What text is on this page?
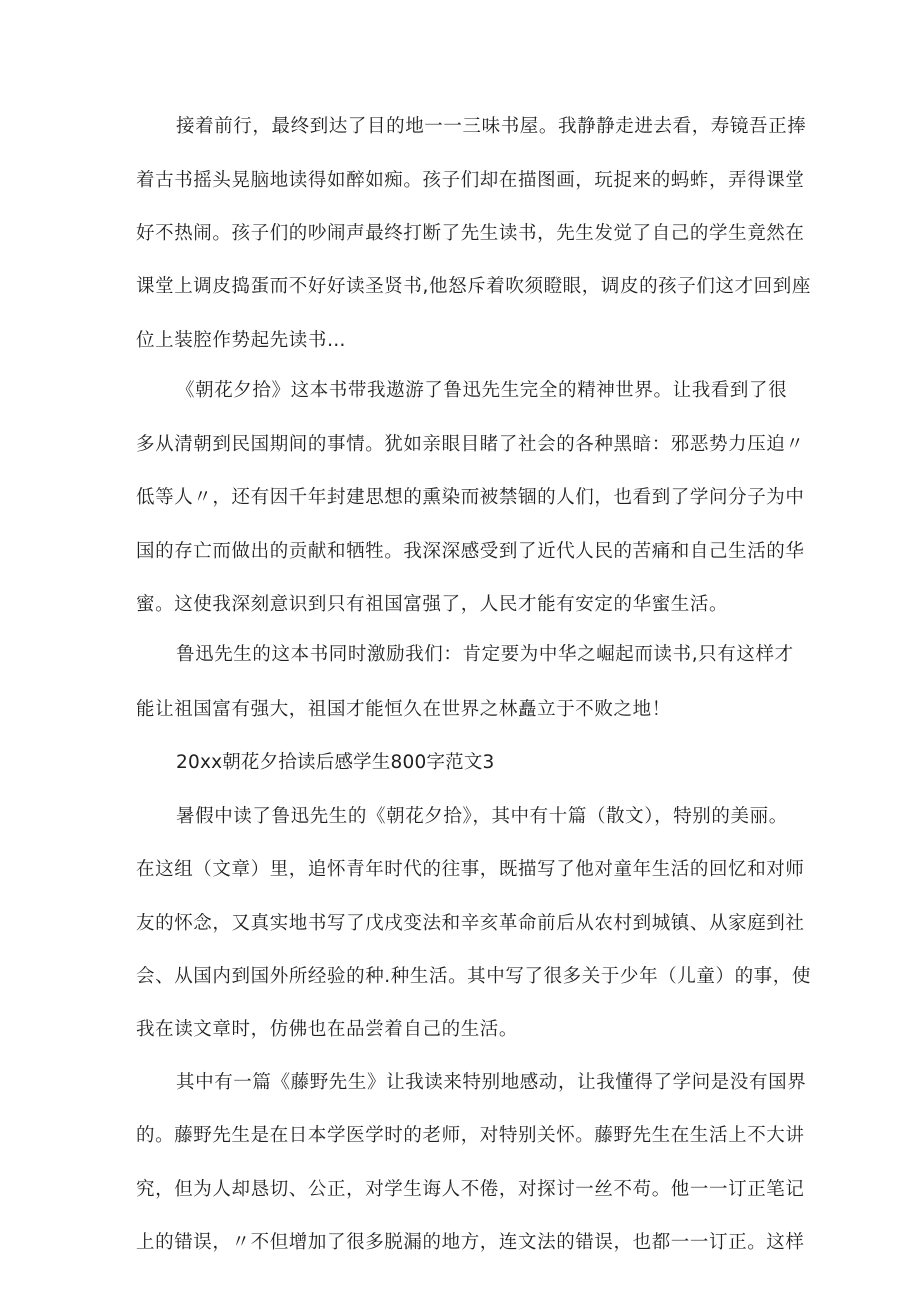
接着前行，最终到达了目的地一一三味书屋。我静静走进去看，寿镜吾正捧
着古书摇头晃脑地读得如醉如痴。孩子们却在描图画，玩捉来的蚂蚱，弄得课堂
好不热闹。孩子们的吵闹声最终打断了先生读书，先生发觉了自己的学生竟然在
课堂上调皮捣蛋而不好好读圣贤书,他怒斥着吹须瞪眼，调皮的孩子们这才回到座
位上装腔作势起先读书…
《朝花夕拾》这本书带我遨游了鲁迅先生完全的精神世界。让我看到了很
多从清朝到民国期间的事情。犹如亲眼目睹了社会的各种黑暗：邪恶势力压迫〃
低等人〃，还有因千年封建思想的熏染而被禁锢的人们，也看到了学问分子为中
国的存亡而做出的贡献和牺牲。我深深感受到了近代人民的苦痛和自己生活的华
蜜。这使我深刻意识到只有祖国富强了，人民才能有安定的华蜜生活。
鲁迅先生的这本书同时激励我们：肯定要为中华之崛起而读书,只有这样才
能让祖国富有强大，祖国才能恒久在世界之林矗立于不败之地！
20xx朝花夕拾读后感学生800字范文3
暑假中读了鲁迅先生的《朝花夕拾》，其中有十篇（散文），特别的美丽。
在这组（文章）里，追怀青年时代的往事，既描写了他对童年生活的回忆和对师
友的怀念，又真实地书写了戊戌变法和辛亥革命前后从农村到城镇、从家庭到社
会、从国内到国外所经验的种.种生活。其中写了很多关于少年（儿童）的事，使
我在读文章时，仿佛也在品尝着自己的生活。
其中有一篇《藤野先生》让我读来特别地感动，让我懂得了学问是没有国界
的。藤野先生是在日本学医学时的老师，对特别关怀。藤野先生在生活上不大讲
究，但为人却恳切、公正，对学生诲人不倦，对探讨一丝不苟。他一一订正笔记
上的错误，〃不但增加了很多脱漏的地方，连文法的错误，也都一一订正。这样
